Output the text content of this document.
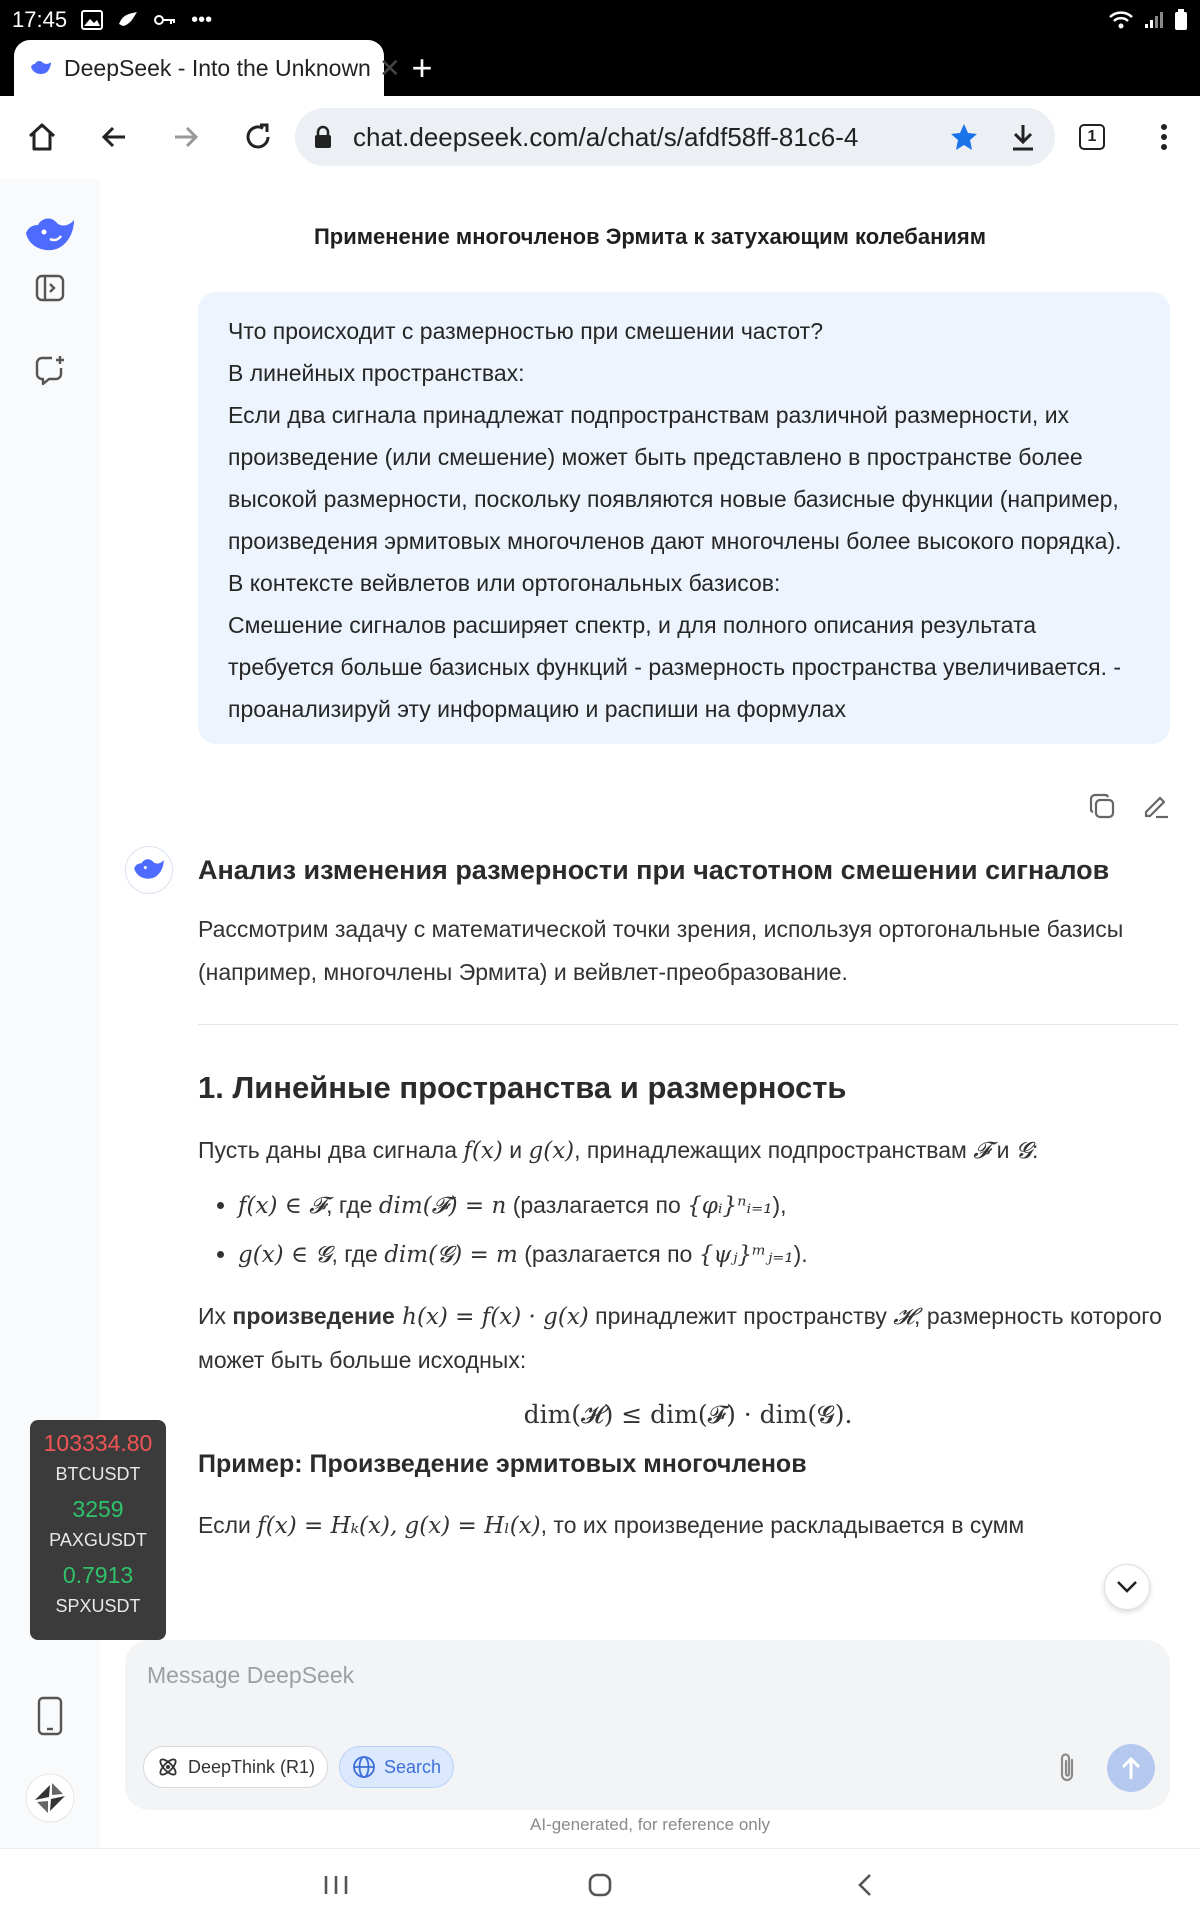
17:45	•••
DeepSeek - Into the Unknown ✕ +
chat.deepseek.com/a/chat/s/afdf58ff-81c6-4	1
Применение многочленов Эрмита к затухающим колебаниям

Что происходит с размерностью при смешении частот?

В линейных пространствах:

Если два сигнала принадлежат подпространствам различной размерности, их произведение (или смешение) может быть представлено в пространстве более высокой размерности, поскольку появляются новые базисные функции (например, произведения эрмитовых многочленов дают многочлены более высокого порядка).

В контексте вейвлетов или ортогональных базисов:

Смешение сигналов расширяет спектр, и для полного описания результата требуется больше базисных функций - размерность пространства увеличивается. - проанализируй эту информацию и распиши на формулах

Анализ изменения размерности при частотном смешении сигналов

Рассмотрим задачу с математической точки зрения, используя ортогональные базисы (например, многочлены Эрмита) и вейвлет-преобразование.

1. Линейные пространства и размерность

Пусть даны два сигнала f(x) и g(x), принадлежащих подпространствам 𝓕 и 𝓖:

• f(x) ∈ 𝓕, где dim(𝓕) = n (разлагается по {φᵢ}ⁿᵢ₌₁),
• g(x) ∈ 𝓖, где dim(𝓖) = m (разлагается по {ψⱼ}ᵐⱼ₌₁).

Их произведение h(x) = f(x) · g(x) принадлежит пространству 𝓗, размерность которого может быть больше исходных:

dim(𝓗) ≤ dim(𝓕) · dim(𝓖).
Пример: Произведение эрмитовых многочленов

Если f(x) = Hₖ(x), g(x) = Hₗ(x), то их произведение раскладывается в сумм

103334.80
BTCUSDT
3259
PAXGUSDT
0.7913
SPXUSDT
Message DeepSeek
DeepThink (R1)	Search
AI-generated, for reference only
